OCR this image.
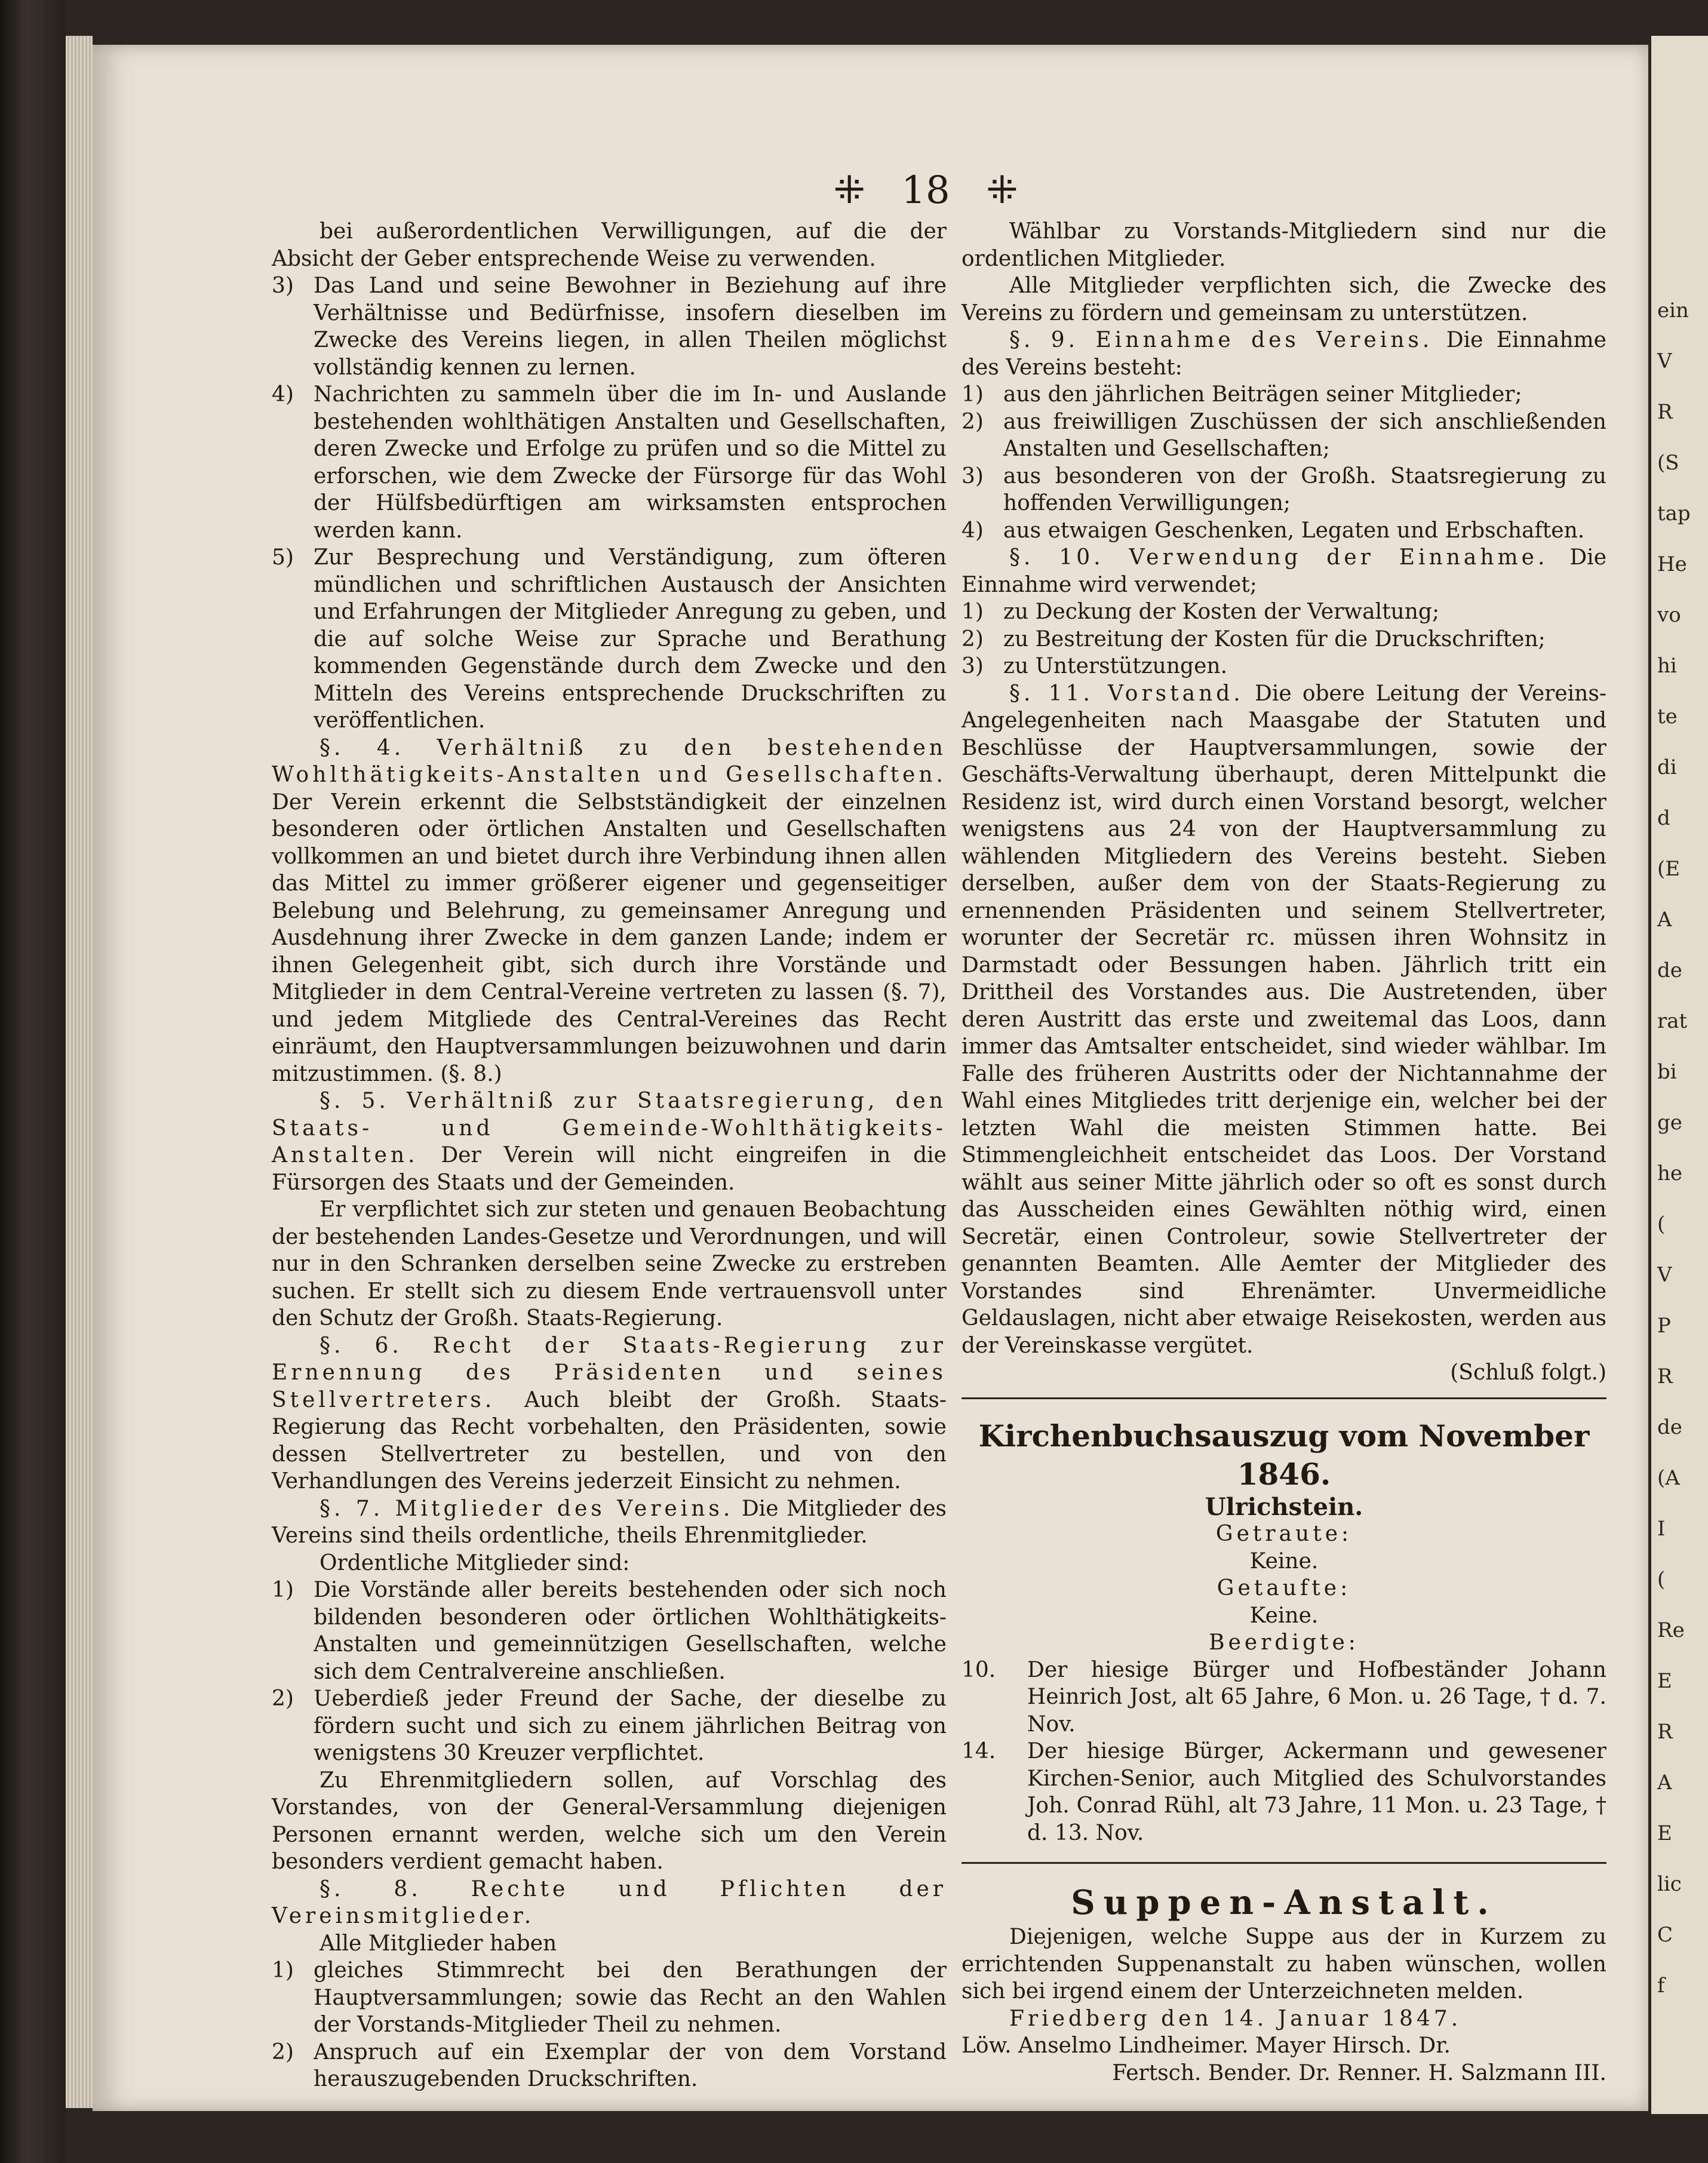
ein
V
R
(S
tap
He
vo
hi
te
di
d
(E
A
de
rat
bi
ge
he
(
V
P
R
de
(A
I
(
Re
E
R
A
E
lic
C
f
⁜ 18 ⁜

bei außerordentlichen Verwilligungen, auf die der Absicht der Geber entsprechende Weise zu verwenden.

3) Das Land und seine Bewohner in Beziehung auf ihre Verhältnisse und Bedürfnisse, insofern dieselben im Zwecke des Vereins liegen, in allen Theilen möglichst vollständig kennen zu lernen.
4) Nachrichten zu sammeln über die im In- und Auslande bestehenden wohlthätigen Anstalten und Gesellschaften, deren Zwecke und Erfolge zu prüfen und so die Mittel zu erforschen, wie dem Zwecke der Fürsorge für das Wohl der Hülfsbedürftigen am wirksamsten entsprochen werden kann.
5) Zur Besprechung und Verständigung, zum öfteren mündlichen und schriftlichen Austausch der Ansichten und Erfahrungen der Mitglieder Anregung zu geben, und die auf solche Weise zur Sprache und Berathung kommenden Gegenstände durch dem Zwecke und den Mitteln des Vereins entsprechende Druckschriften zu veröffentlichen.

§. 4. Verhältniß zu den bestehenden Wohlthätigkeits-Anstalten und Gesellschaften. Der Verein erkennt die Selbstständigkeit der einzelnen besonderen oder örtlichen Anstalten und Gesellschaften vollkommen an und bietet durch ihre Verbindung ihnen allen das Mittel zu immer größerer eigener und gegenseitiger Belebung und Belehrung, zu gemeinsamer Anregung und Ausdehnung ihrer Zwecke in dem ganzen Lande; indem er ihnen Gelegenheit gibt, sich durch ihre Vorstände und Mitglieder in dem Central-Vereine vertreten zu lassen (§. 7), und jedem Mitgliede des Central-Vereines das Recht einräumt, den Hauptversammlungen beizuwohnen und darin mitzustimmen. (§. 8.)

§. 5. Verhältniß zur Staatsregierung, den Staats- und Gemeinde-Wohlthätigkeits-Anstalten. Der Verein will nicht eingreifen in die Fürsorgen des Staats und der Gemeinden.

Er verpflichtet sich zur steten und genauen Beobachtung der bestehenden Landes-Gesetze und Verordnungen, und will nur in den Schranken derselben seine Zwecke zu erstreben suchen. Er stellt sich zu diesem Ende vertrauensvoll unter den Schutz der Großh. Staats-Regierung.

§. 6. Recht der Staats-Regierung zur Ernennung des Präsidenten und seines Stellvertreters. Auch bleibt der Großh. Staats-Regierung das Recht vorbehalten, den Präsidenten, sowie dessen Stellvertreter zu bestellen, und von den Verhandlungen des Vereins jederzeit Einsicht zu nehmen.

§. 7. Mitglieder des Vereins. Die Mitglieder des Vereins sind theils ordentliche, theils Ehrenmitglieder.

Ordentliche Mitglieder sind:

1) Die Vorstände aller bereits bestehenden oder sich noch bildenden besonderen oder örtlichen Wohlthätigkeits-Anstalten und gemeinnützigen Gesellschaften, welche sich dem Centralvereine anschließen.
2) Ueberdieß jeder Freund der Sache, der dieselbe zu fördern sucht und sich zu einem jährlichen Beitrag von wenigstens 30 Kreuzer verpflichtet.

Zu Ehrenmitgliedern sollen, auf Vorschlag des Vorstandes, von der General-Versammlung diejenigen Personen ernannt werden, welche sich um den Verein besonders verdient gemacht haben.

§. 8. Rechte und Pflichten der Vereinsmitglieder.

Alle Mitglieder haben

1) gleiches Stimmrecht bei den Berathungen der Hauptversammlungen; sowie das Recht an den Wahlen der Vorstands-Mitglieder Theil zu nehmen.
2) Anspruch auf ein Exemplar der von dem Vorstand herauszugebenden Druckschriften.

Wählbar zu Vorstands-Mitgliedern sind nur die ordentlichen Mitglieder.

Alle Mitglieder verpflichten sich, die Zwecke des Vereins zu fördern und gemeinsam zu unterstützen.

§. 9. Einnahme des Vereins. Die Einnahme des Vereins besteht:

1) aus den jährlichen Beiträgen seiner Mitglieder;
2) aus freiwilligen Zuschüssen der sich anschließenden Anstalten und Gesellschaften;
3) aus besonderen von der Großh. Staatsregierung zu hoffenden Verwilligungen;
4) aus etwaigen Geschenken, Legaten und Erbschaften.

§. 10. Verwendung der Einnahme. Die Einnahme wird verwendet;

1) zu Deckung der Kosten der Verwaltung;
2) zu Bestreitung der Kosten für die Druckschriften;
3) zu Unterstützungen.

§. 11. Vorstand. Die obere Leitung der Vereins-Angelegenheiten nach Maasgabe der Statuten und Beschlüsse der Hauptversammlungen, sowie der Geschäfts-Verwaltung überhaupt, deren Mittelpunkt die Residenz ist, wird durch einen Vorstand besorgt, welcher wenigstens aus 24 von der Hauptversammlung zu wählenden Mitgliedern des Vereins besteht. Sieben derselben, außer dem von der Staats-Regierung zu ernennenden Präsidenten und seinem Stellvertreter, worunter der Secretär rc. müssen ihren Wohnsitz in Darmstadt oder Bessungen haben. Jährlich tritt ein Drittheil des Vorstandes aus. Die Austretenden, über deren Austritt das erste und zweitemal das Loos, dann immer das Amtsalter entscheidet, sind wieder wählbar. Im Falle des früheren Austritts oder der Nichtannahme der Wahl eines Mitgliedes tritt derjenige ein, welcher bei der letzten Wahl die meisten Stimmen hatte. Bei Stimmengleichheit entscheidet das Loos. Der Vorstand wählt aus seiner Mitte jährlich oder so oft es sonst durch das Ausscheiden eines Gewählten nöthig wird, einen Secretär, einen Controleur, sowie Stellvertreter der genannten Beamten. Alle Aemter der Mitglieder des Vorstandes sind Ehrenämter. Unvermeidliche Geldauslagen, nicht aber etwaige Reisekosten, werden aus der Vereinskasse vergütet.

(Schluß folgt.)

Kirchenbuchsauszug vom November 1846.
Ulrichstein.

Getraute:

Keine.

Getaufte:

Keine.

Beerdigte:

10. Der hiesige Bürger und Hofbeständer Johann Heinrich Jost, alt 65 Jahre, 6 Mon. u. 26 Tage, † d. 7. Nov.
14. Der hiesige Bürger, Ackermann und gewesener Kirchen-Senior, auch Mitglied des Schulvorstandes Joh. Conrad Rühl, alt 73 Jahre, 11 Mon. u. 23 Tage, † d. 13. Nov.
Suppen-Anstalt.

Diejenigen, welche Suppe aus der in Kurzem zu errichtenden Suppenanstalt zu haben wünschen, wollen sich bei irgend einem der Unterzeichneten melden.

Friedberg den 14. Januar 1847.

Löw. Anselmo Lindheimer. Mayer Hirsch. Dr.

Fertsch. Bender. Dr. Renner. H. Salzmann III.
